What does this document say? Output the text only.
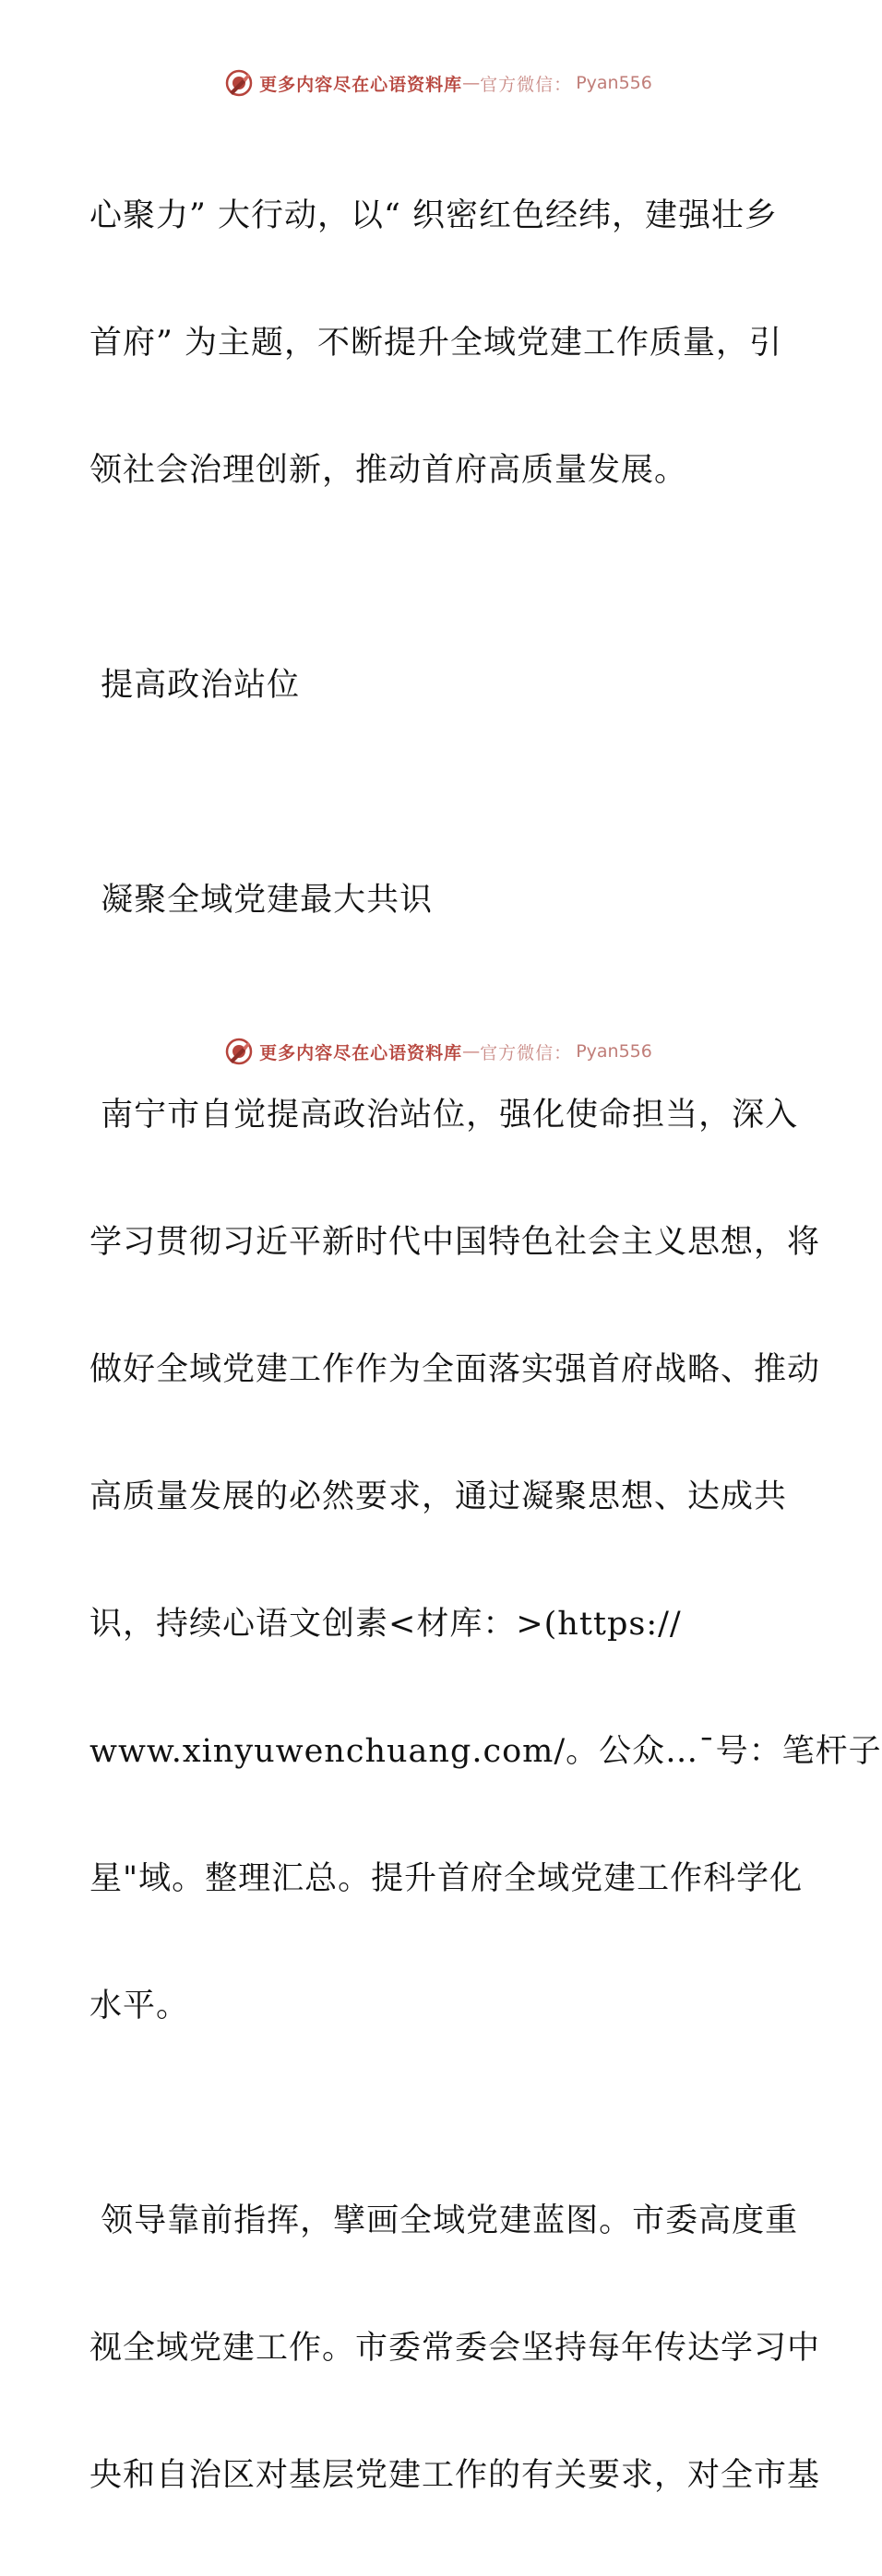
更多内容尽在心语资料库 — 官方微信： Pyan556

心聚力” 大行动，以“ 织密红色经纬，建强壮乡

首府” 为主题，不断提升全域党建工作质量，引

领社会治理创新，推动首府高质量发展。

提高政治站位

凝聚全域党建最大共识

南宁市自觉提高政治站位，强化使命担当，深入

学习贯彻习近平新时代中国特色社会主义思想，将

做好全域党建工作作为全面落实强首府战略、推动

高质量发展的必然要求，通过凝聚思想、达成共

识，持续心语文创素<材库：>(https://

www.xinyuwenchuang.com/。公众…¯号：笔杆子

星"域。整理汇总。提升首府全域党建工作科学化

水平。

领导靠前指挥，擘画全域党建蓝图。市委高度重

视全域党建工作。市委常委会坚持每年传达学习中

央和自治区对基层党建工作的有关要求，对全市基

更多内容尽在心语资料库 — 官方微信： Pyan556
